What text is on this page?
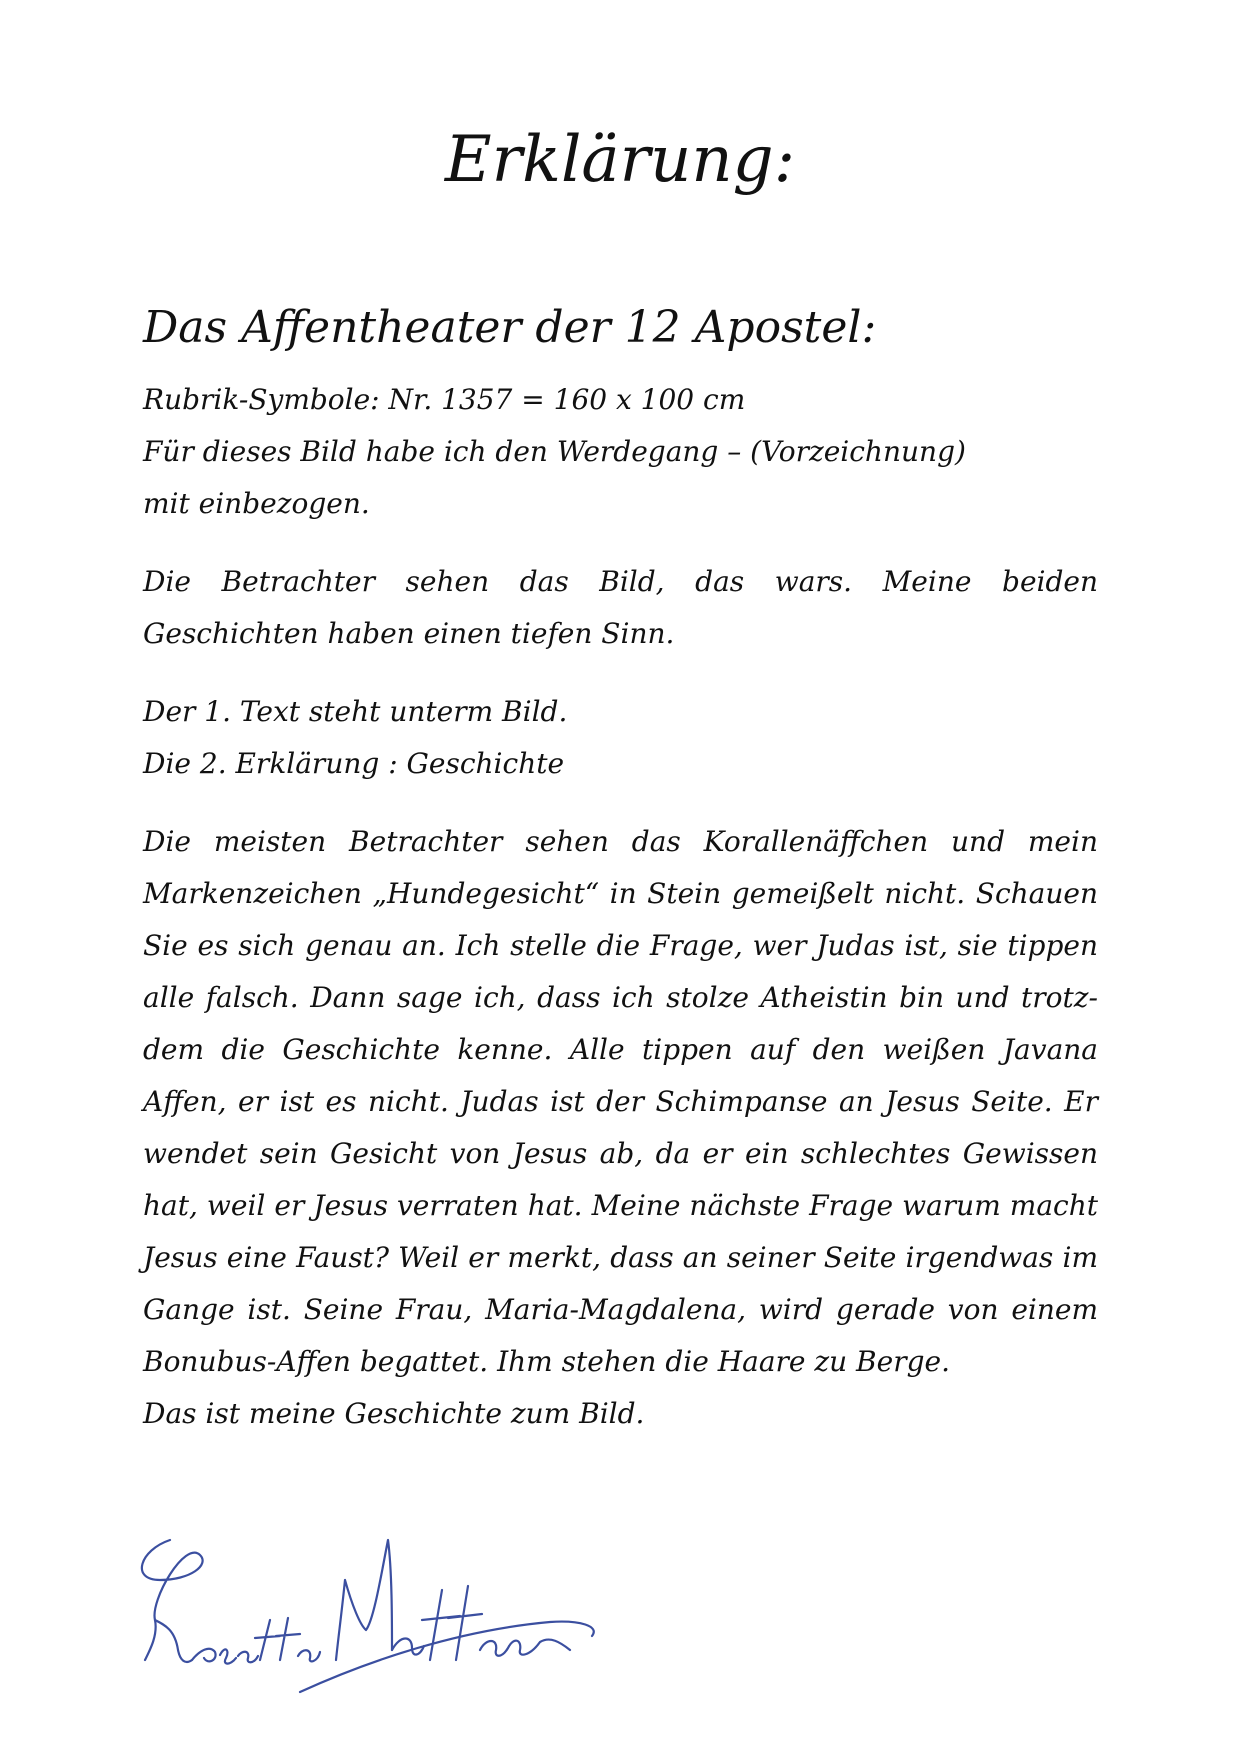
Erklärung:
Das Affentheater der 12 Apostel:

Rubrik-Symbole: Nr. 1357 = 160 x 100 cm

Für dieses Bild habe ich den Werdegang – (Vorzeichnung)

mit einbezogen.

Die Betrachter sehen das Bild, das wars. Meine beiden Geschichten haben einen tiefen Sinn.

Der 1. Text steht unterm Bild.

Die 2. Erklärung : Geschichte

Die meisten Betrachter sehen das Korallenäffchen und mein Markenzeichen „Hundegesicht“ in Stein gemeißelt nicht. Schauen Sie es sich genau an. Ich stelle die Frage, wer Judas ist, sie tippen alle falsch. Dann sage ich, dass ich stolze Atheistin bin und trotz-dem die Geschichte kenne. Alle tippen auf den weißen Javana Affen, er ist es nicht. Judas ist der Schimpanse an Jesus Seite. Er wendet sein Gesicht von Jesus ab, da er ein schlechtes Gewissen hat, weil er Jesus verraten hat. Meine nächste Frage warum macht Jesus eine Faust? Weil er merkt, dass an seiner Seite irgendwas im Gange ist. Seine Frau, Maria-Magdalena, wird gerade von einem Bonubus-Affen begattet. Ihm stehen die Haare zu Berge.

Das ist meine Geschichte zum Bild.
